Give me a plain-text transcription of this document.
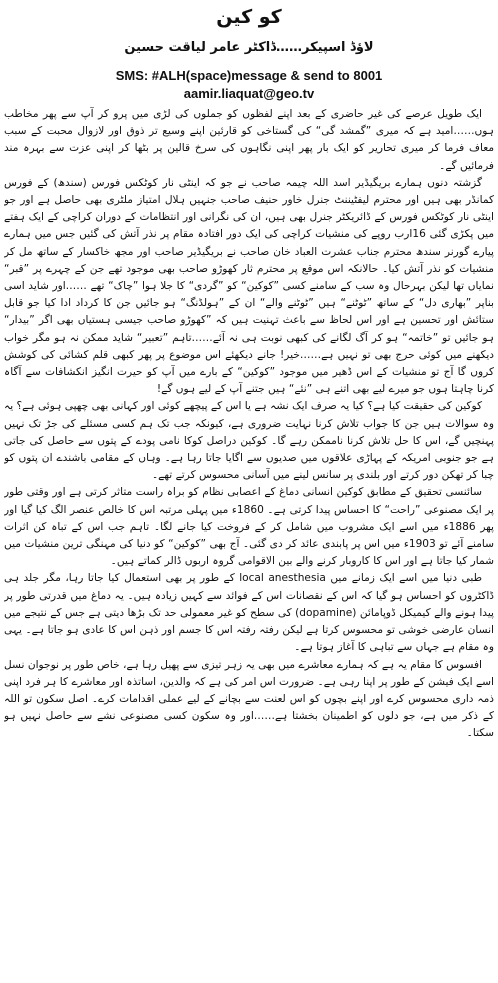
کو کین
لاؤڈ اسپیکر……ڈاکٹر عامر لیاقت حسین
SMS: #ALH(space)message & send to 8001
aamir.liaquat@geo.tv

ایک طویل عرصے کی غیر حاضری کے بعد اپنے لفظوں کو جملوں کی لڑی میں پرو کر آپ سے پھر مخاطب ہوں……امید ہے کہ میری ”گمشد گی“ کی گستاخی کو قارئین اپنے وسیع تر ذوق اور لازوال محبت کے سبب معاف فرما کر میری تحاریر کو ایک بار پھر اپنی نگاہوں کی سرخ قالین پر بٹھا کر اپنی عزت سے بہرہ مند فرمائیں گے۔

گزشتہ دنوں ہمارے بریگیڈیر اسد اللہ چیمہ صاحب نے جو کہ اینٹی نار کوٹکس فورس (سندھ) کے فورس کمانڈر بھی ہیں اور محترم لیفٹیننٹ جنرل خاور حنیف صاحب جنہیں ہلال امتیاز ملٹری بھی حاصل ہے اور جو اینٹی نار کوٹکس فورس کے ڈائریکٹر جنرل بھی ہیں، ان کی نگرانی اور انتظامات کے دوران کراچی کے ایک ہفتے میں پکڑی گئی 16ارب روپے کی منشیات کراچی کی ایک دور افتادہ مقام پر نذر آتش کی گئیں جس میں ہمارے پیارے گورنر سندھ محترم جناب عشرت العباد خان صاحب نے بریگیڈیر صاحب اور مجھ خاکسار کے ساتھ مل کر منشیات کو نذر آتش کیا۔ حالانکہ اس موقع پر محترم ثار کھوڑو صاحب بھی موجود تھے جن کے چہرے پر ”قبر“ نمایاں تھا لیکن بہرحال وہ سب کے سامنے کسی ”کوکین“ کو ”گردی“ کا جلا ہوا ”چاک“ تھے ……اور شاید اسی بناپر ”بھاری دل“ کے ساتھ ”ٹوٹنے“ ہیں ”ٹوٹنے والے“ ان کے ”ہولڈنگ“ ہو جائیں جن کا کرداد ادا کیا جو قابل ستائش اور تحسین ہے اور اس لحاظ سے باعث تہنیت ہیں کہ ”کھوڑو صاحب جیسی ہستیاں بھی اگر ”بیدار“ ہو جائیں تو ”خاتمہ“ ہو کر آگ لگانے کی کبھی نوبت ہی نہ آئے……تاہم ”تعبیر“ شاید ممکن نہ ہو مگر خواب دیکھنے میں کوئی حرج بھی تو نہیں ہے……خیر! جانے دیکھئے اس موضوع پر پھر کبھی قلم کشائی کی کوشش کروں گا آج تو منشیات کے اس ڈھیر میں موجود ”کوکین“ کے بارے میں آپ کو حیرت انگیز انکشافات سے آگاہ کرنا چاہتا ہوں جو میرے لیے بھی اتنے ہی ”نئے“ ہیں جتنے آپ کے لیے ہوں گے!

کوکین کی حقیقت کیا ہے؟ کیا یہ صرف ایک نشہ ہے یا اس کے پیچھے کوئی اور کہانی بھی چھپی ہوئی ہے؟ یہ وہ سوالات ہیں جن کا جواب تلاش کرنا نہایت ضروری ہے، کیونکہ جب تک ہم کسی مسئلے کی جڑ تک نہیں پہنچیں گے، اس کا حل تلاش کرنا ناممکن رہے گا۔ کوکین دراصل کوکا نامی پودے کے پتوں سے حاصل کی جاتی ہے جو جنوبی امریکہ کے پہاڑی علاقوں میں صدیوں سے اگایا جاتا رہا ہے۔ وہاں کے مقامی باشندے ان پتوں کو چبا کر تھکن دور کرتے اور بلندی پر سانس لینے میں آسانی محسوس کرتے تھے۔

سائنسی تحقیق کے مطابق کوکین انسانی دماغ کے اعصابی نظام کو براہ راست متاثر کرتی ہے اور وقتی طور پر ایک مصنوعی ”راحت“ کا احساس پیدا کرتی ہے۔ 1860ء میں پہلی مرتبہ اس کا خالص عنصر الگ کیا گیا اور پھر 1886ء میں اسے ایک مشروب میں شامل کر کے فروخت کیا جانے لگا۔ تاہم جب اس کے تباہ کن اثرات سامنے آئے تو 1903ء میں اس پر پابندی عائد کر دی گئی۔ آج بھی ”کوکین“ کو دنیا کی مہنگی ترین منشیات میں شمار کیا جاتا ہے اور اس کا کاروبار کرنے والے بین الاقوامی گروہ اربوں ڈالر کماتے ہیں۔

طبی دنیا میں اسے ایک زمانے میں local anesthesia کے طور پر بھی استعمال کیا جاتا رہا، مگر جلد ہی ڈاکٹروں کو احساس ہو گیا کہ اس کے نقصانات اس کے فوائد سے کہیں زیادہ ہیں۔ یہ دماغ میں قدرتی طور پر پیدا ہونے والے کیمیکل ڈوپامائن (dopamine) کی سطح کو غیر معمولی حد تک بڑھا دیتی ہے جس کے نتیجے میں انسان عارضی خوشی تو محسوس کرتا ہے لیکن رفتہ رفتہ اس کا جسم اور ذہن اس کا عادی ہو جاتا ہے۔ یہی وہ مقام ہے جہاں سے تباہی کا آغاز ہوتا ہے۔

افسوس کا مقام یہ ہے کہ ہمارے معاشرے میں بھی یہ زہر تیزی سے پھیل رہا ہے، خاص طور پر نوجوان نسل اسے ایک فیشن کے طور پر اپنا رہی ہے۔ ضرورت اس امر کی ہے کہ والدین، اساتذہ اور معاشرے کا ہر فرد اپنی ذمہ داری محسوس کرے اور اپنے بچوں کو اس لعنت سے بچانے کے لیے عملی اقدامات کرے۔ اصل سکون تو اللہ کے ذکر میں ہے، جو دلوں کو اطمینان بخشتا ہے……اور وہ سکون کسی مصنوعی نشے سے حاصل نہیں ہو سکتا۔
